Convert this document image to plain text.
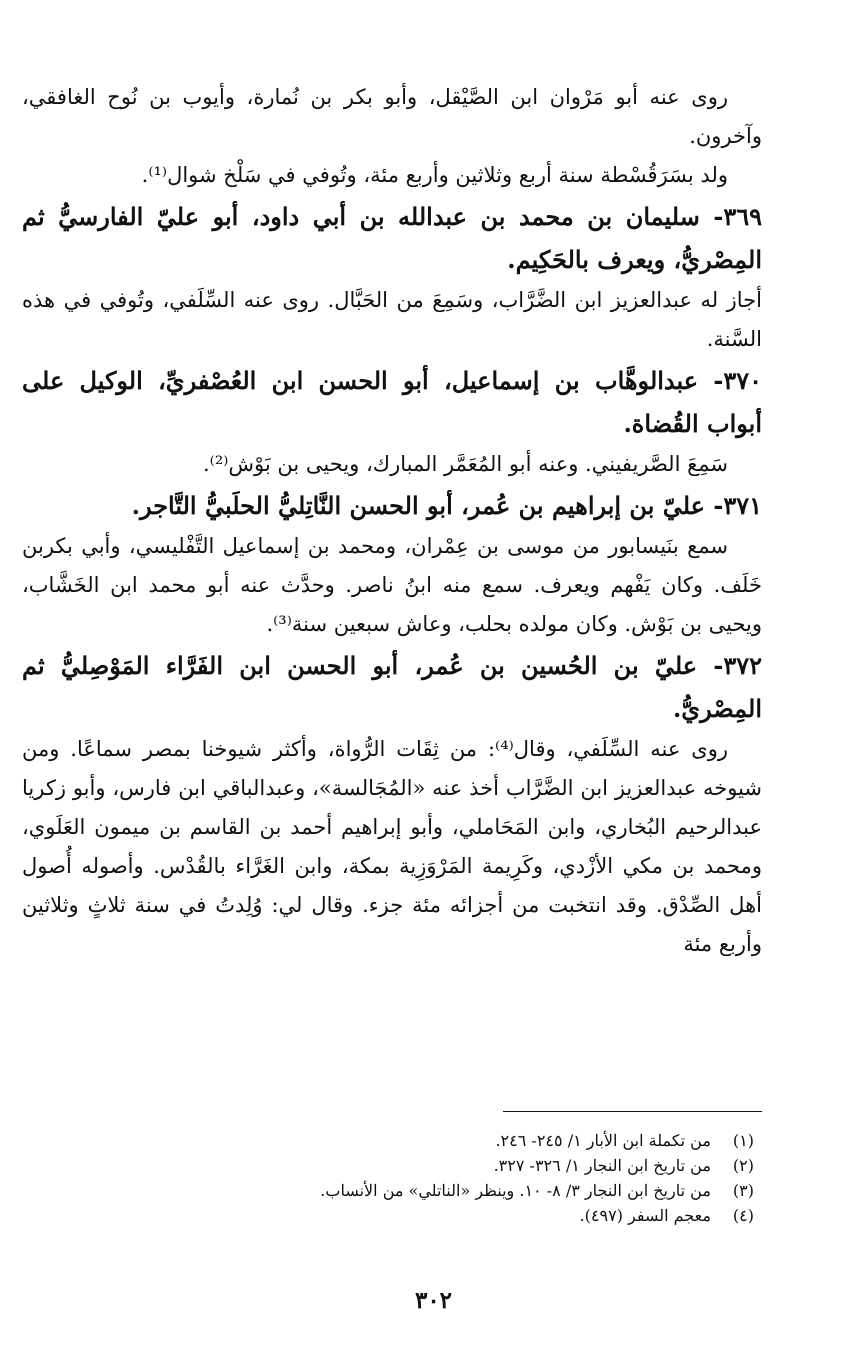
روى عنه أبو مَرْوان ابن الصَّيْقل، وأبو بكر بن نُمارة، وأيوب بن نُوح الغافقي، وآخرون.

ولد بسَرَقُسْطة سنة أربع وثلاثين وأربع مئة، وتُوفي في سَلْخ شوال⁽¹⁾.

٣٦٩- سليمان بن محمد بن عبدالله بن أبي داود، أبو عليّ الفارسيُّ ثم المِصْريُّ، ويعرف بالحَكِيم.

أجاز له عبدالعزيز ابن الضَّرَّاب، وسَمِعَ من الحَبَّال. روى عنه السِّلَفي، وتُوفي في هذه السَّنة.

٣٧٠- عبدالوهَّاب بن إسماعيل، أبو الحسن ابن العُصْفريِّ، الوكيل على أبواب القُضاة.

سَمِعَ الصَّريفيني. وعنه أبو المُعَمَّر المبارك، ويحيى بن بَوْش⁽²⁾.

٣٧١- عليّ بن إبراهيم بن عُمر، أبو الحسن النَّاتِليُّ الحلَبيُّ التَّاجر.

سمع بنَيسابور من موسى بن عِمْران، ومحمد بن إسماعيل التَّفْليسي، وأبي بكربن خَلَف. وكان يَفْهم ويعرف. سمع منه ابنُ ناصر. وحدَّث عنه أبو محمد ابن الخَشَّاب، ويحيى بن بَوْش. وكان مولده بحلب، وعاش سبعين سنة⁽³⁾.

٣٧٢- عليّ بن الحُسين بن عُمر، أبو الحسن ابن الفَرَّاء المَوْصِليُّ ثم المِصْريُّ.

روى عنه السِّلَفي، وقال⁽⁴⁾: من ثِقَات الرُّواة، وأكثر شيوخنا بمصر سماعًا. ومن شيوخه عبدالعزيز ابن الضَّرَّاب أخذ عنه «المُجَالسة»، وعبدالباقي ابن فارس، وأبو زكريا عبدالرحيم البُخاري، وابن المَحَاملي، وأبو إبراهيم أحمد بن القاسم بن ميمون العَلَوي، ومحمد بن مكي الأزْدي، وكَرِيمة المَرْوَزِية بمكة، وابن الغَرَّاء بالقُدْس. وأصوله أُصول أهل الصِّدْق. وقد انتخبت من أجزائه مئة جزء. وقال لي: وُلِدتُ في سنة ثلاثٍ وثلاثين وأربع مئة

(١) من تكملة ابن الأبار ١/ ٢٤٥- ٢٤٦.

(٢) من تاريخ ابن النجار ١/ ٣٢٦- ٣٢٧.

(٣) من تاريخ ابن النجار ٣/ ٨- ١٠. وينظر «الناتلي» من الأنساب.

(٤) معجم السفر (٤٩٧).

٣٠٢
